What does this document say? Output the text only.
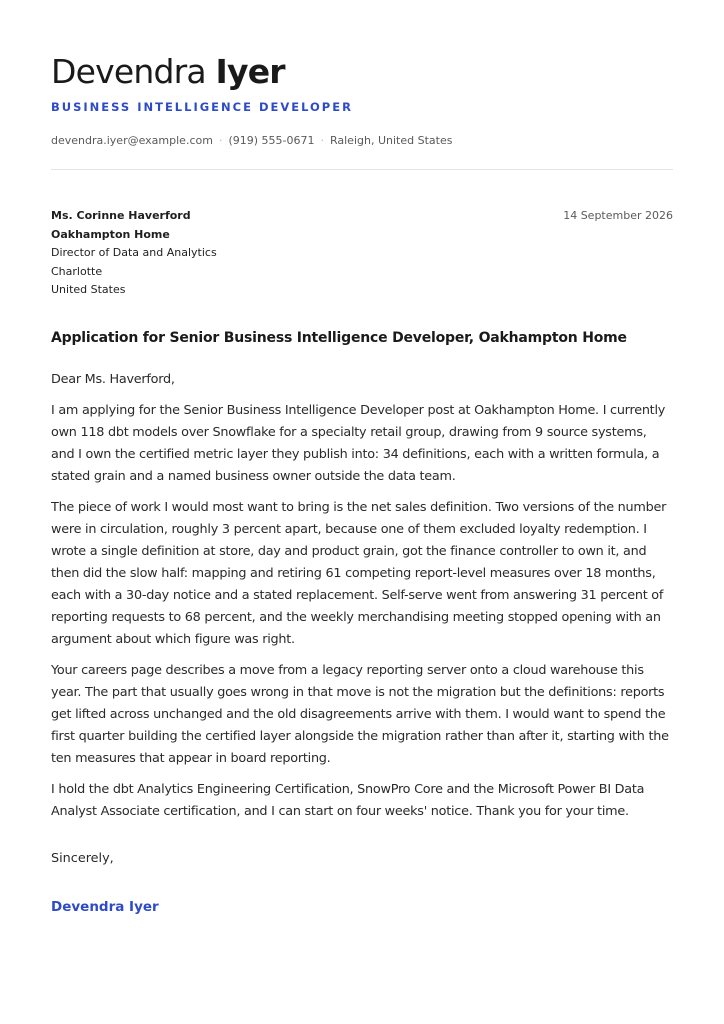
Devendra Iyer
BUSINESS INTELLIGENCE DEVELOPER
devendra.iyer@example.com · (919) 555-0671 · Raleigh, United States
Ms. Corinne Haverford
Oakhampton Home
Director of Data and Analytics
Charlotte
United States
14 September 2026
Application for Senior Business Intelligence Developer, Oakhampton Home

Dear Ms. Haverford,

I am applying for the Senior Business Intelligence Developer post at Oakhampton Home. I currently own 118 dbt models over Snowflake for a specialty retail group, drawing from 9 source systems, and I own the certified metric layer they publish into: 34 definitions, each with a written formula, a stated grain and a named business owner outside the data team.

The piece of work I would most want to bring is the net sales definition. Two versions of the number were in circulation, roughly 3 percent apart, because one of them excluded loyalty redemption. I wrote a single definition at store, day and product grain, got the finance controller to own it, and then did the slow half: mapping and retiring 61 competing report-level measures over 18 months, each with a 30-day notice and a stated replacement. Self-serve went from answering 31 percent of reporting requests to 68 percent, and the weekly merchandising meeting stopped opening with an argument about which figure was right.

Your careers page describes a move from a legacy reporting server onto a cloud warehouse this year. The part that usually goes wrong in that move is not the migration but the definitions: reports get lifted across unchanged and the old disagreements arrive with them. I would want to spend the first quarter building the certified layer alongside the migration rather than after it, starting with the ten measures that appear in board reporting.

I hold the dbt Analytics Engineering Certification, SnowPro Core and the Microsoft Power BI Data Analyst Associate certification, and I can start on four weeks' notice. Thank you for your time.

Sincerely,
Devendra Iyer
